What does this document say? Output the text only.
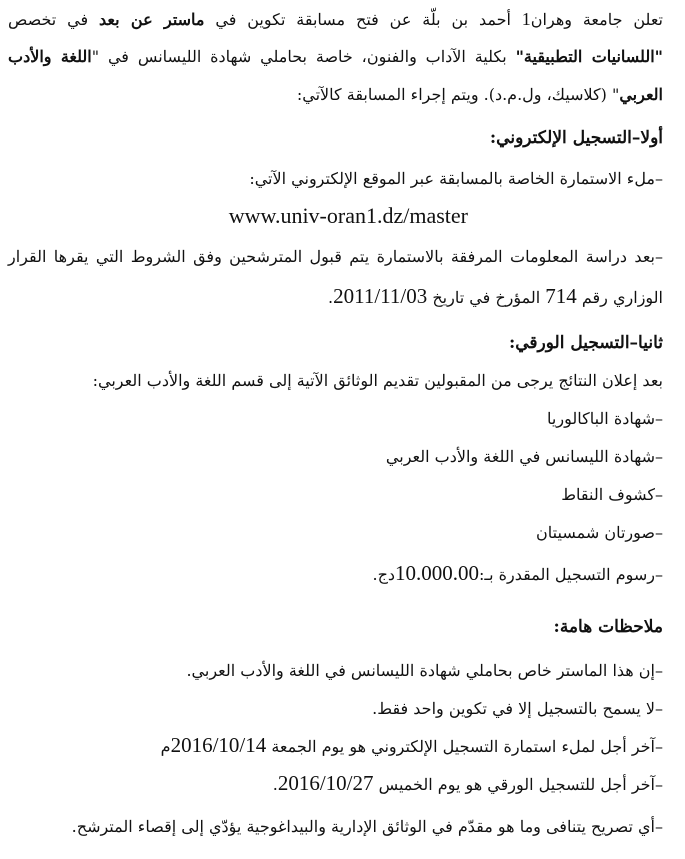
تعلن جامعة وهران1 أحمد بن بلّة عن فتح مسابقة تكوين في ماستر عن بعد في تخصص
"اللسانيات التطبيقية" بكلية الآداب والفنون، خاصة بحاملي شهادة الليسانس في "اللغة والأدب
العربي" (كلاسيك، ول.م.د). ويتم إجراء المسابقة كالآتي:
أولا–التسجيل الإلكتروني:
–ملء الاستمارة الخاصة بالمسابقة عبر الموقع الإلكتروني الآتي:
www.univ-oran1.dz/master
–بعد دراسة المعلومات المرفقة بالاستمارة يتم قبول المترشحين وفق الشروط التي يقرها القرار
الوزاري رقم 714 المؤرخ في تاريخ 2011/11/03.
ثانيا–التسجيل الورقي:
بعد إعلان النتائج يرجى من المقبولين تقديم الوثائق الآتية إلى قسم اللغة والأدب العربي:
–شهادة الباكالوريا
–شهادة الليسانس في اللغة والأدب العربي
–كشوف النقاط
–صورتان شمسيتان
–رسوم التسجيل المقدرة بـ:10.000.00دج.
ملاحظات هامة:
–إن هذا الماستر خاص بحاملي شهادة الليسانس في اللغة والأدب العربي.
–لا يسمح بالتسجيل إلا في تكوين واحد فقط.
–آخر أجل لملء استمارة التسجيل الإلكتروني هو يوم الجمعة 2016/10/14م
–آخر أجل للتسجيل الورقي هو يوم الخميس 2016/10/27.
–أي تصريح يتنافى وما هو مقدّم في الوثائق الإدارية والبيداغوجية يؤدّي إلى إقصاء المترشح.
